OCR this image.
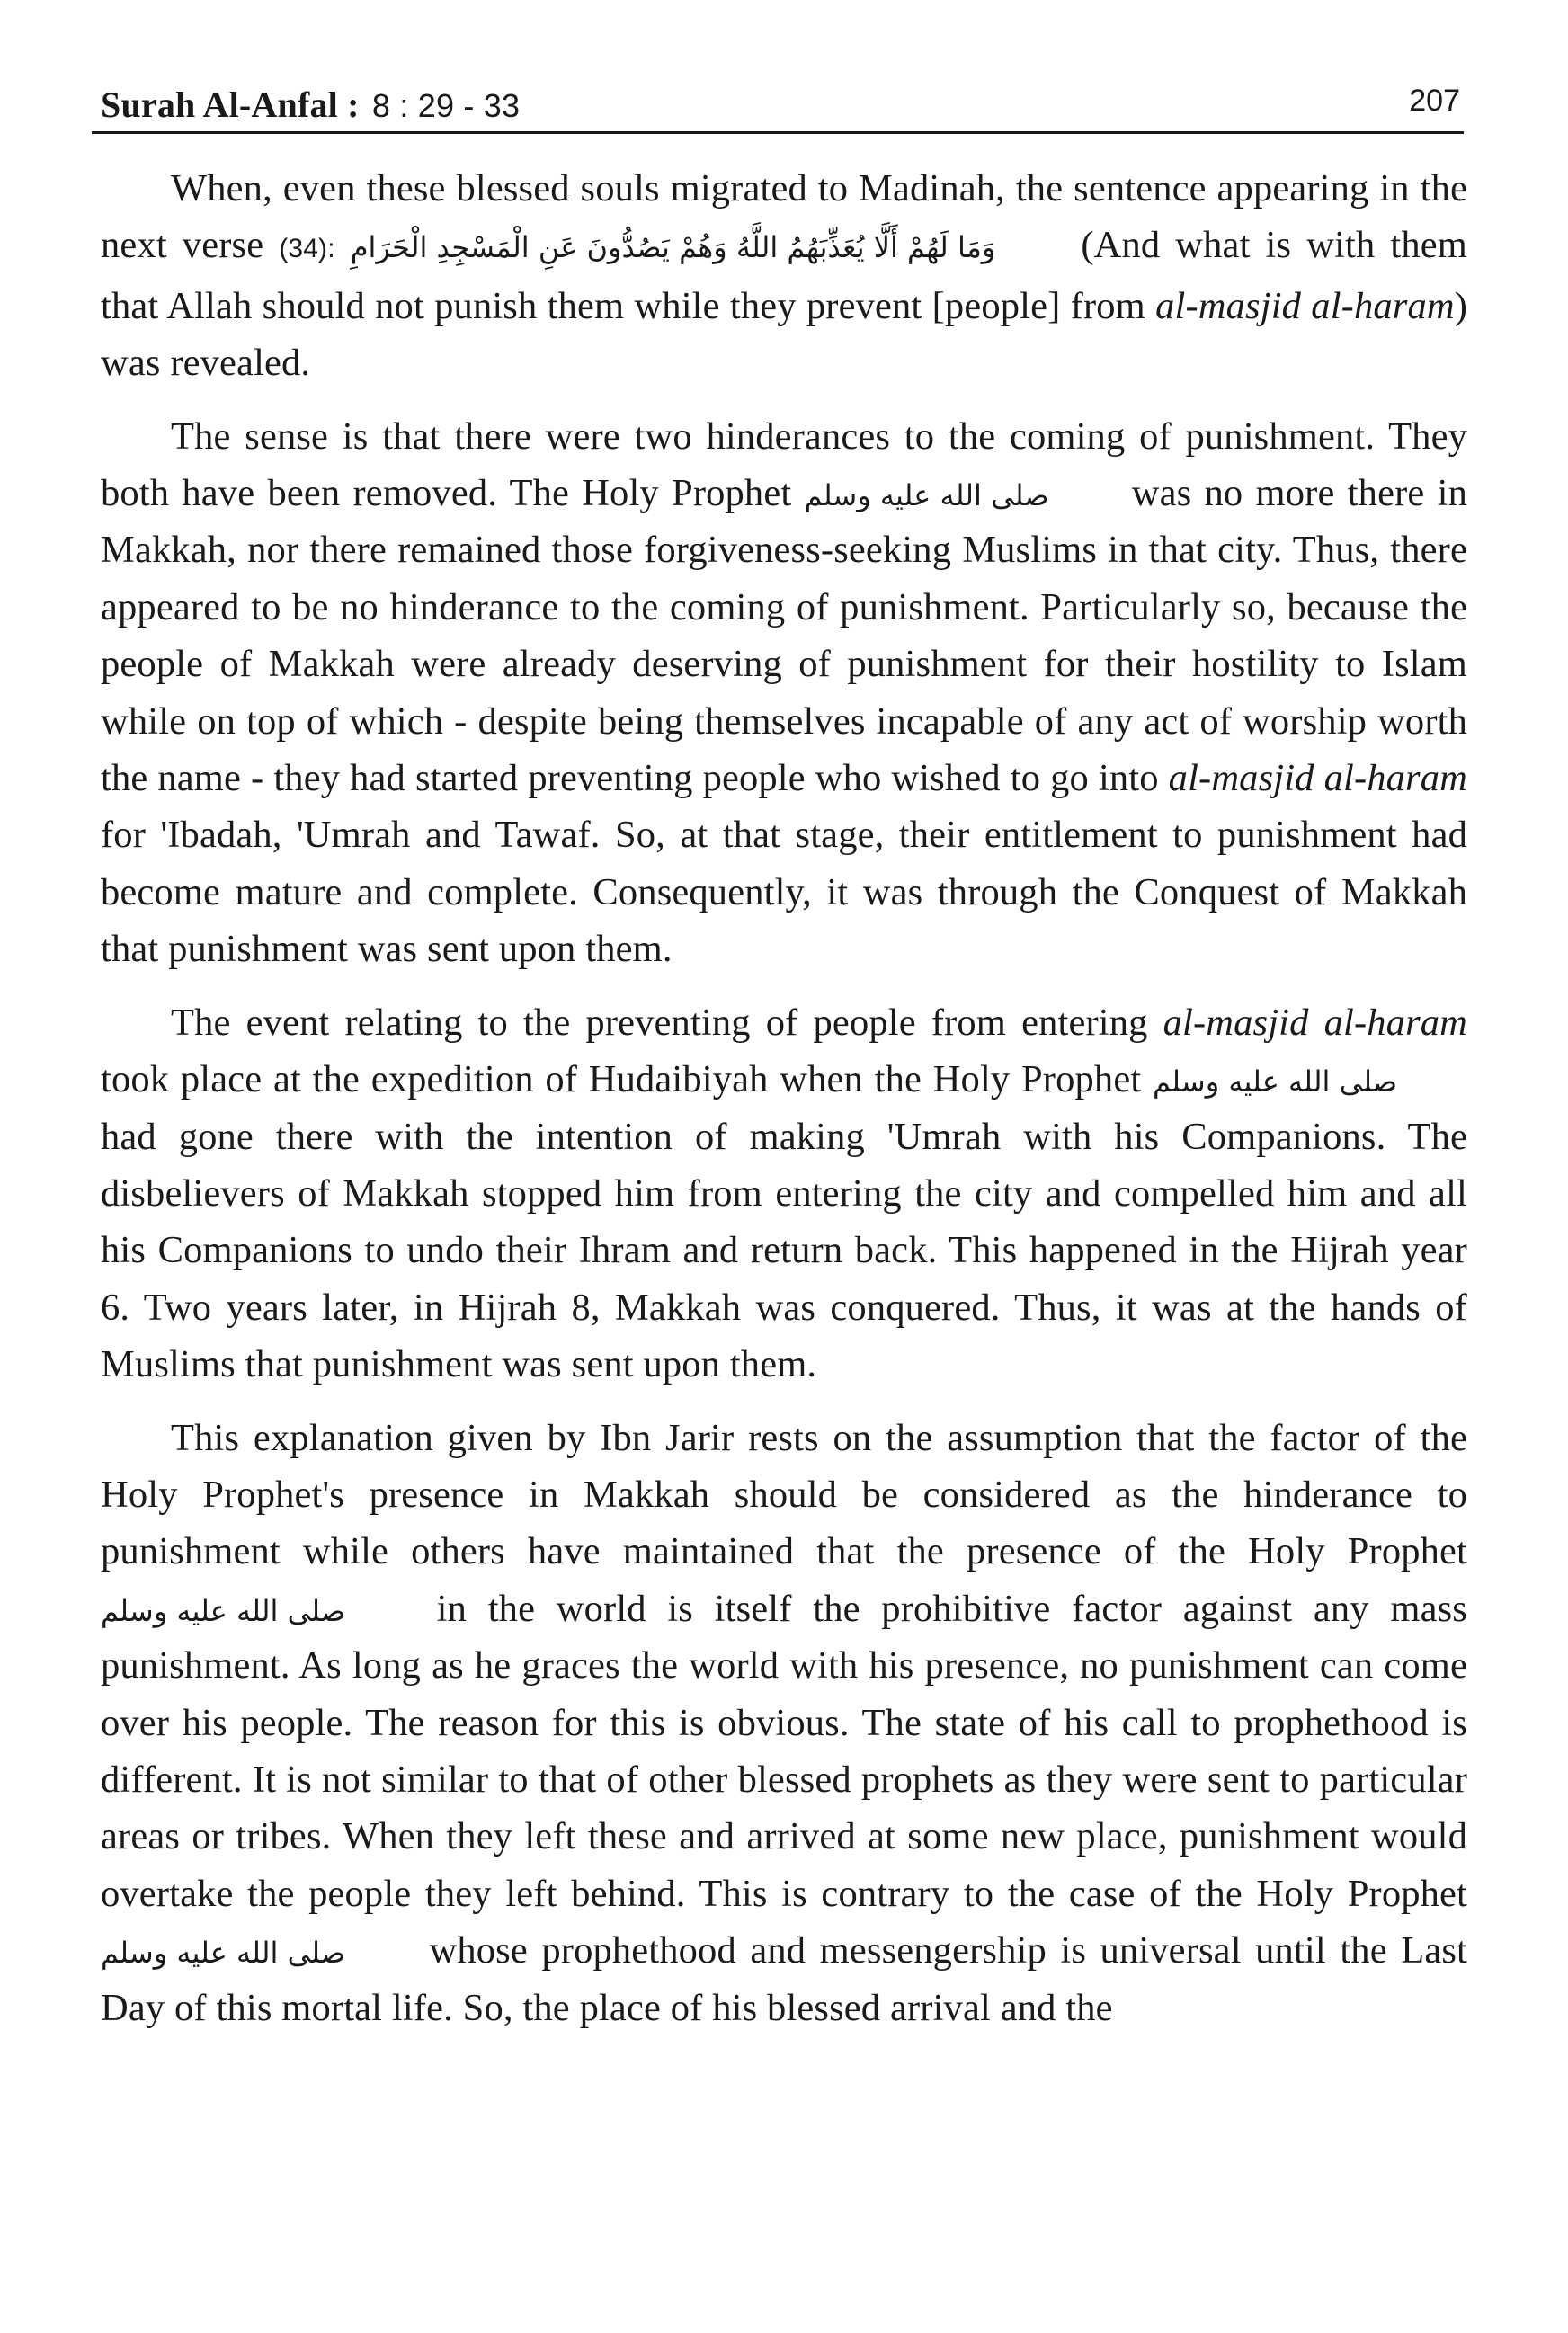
Surah Al-Anfal : 8 : 29 - 33	207

When, even these blessed souls migrated to Madinah, the sentence appearing in the next verse (34): وَمَا لَهُمْ أَلَّا يُعَذِّبَهُمُ اللَّهُ وَهُمْ يَصُدُّونَ عَنِ الْمَسْجِدِ الْحَرَامِ (And what is with them that Allah should not punish them while they prevent [people] from al-masjid al-haram) was revealed.

The sense is that there were two hinderances to the coming of punishment. They both have been removed. The Holy Prophet صلى الله عليه وسلم was no more there in Makkah, nor there remained those forgiveness-seeking Muslims in that city. Thus, there appeared to be no hinderance to the coming of punishment. Particularly so, because the people of Makkah were already deserving of punishment for their hostility to Islam while on top of which - despite being themselves incapable of any act of worship worth the name - they had started preventing people who wished to go into al-masjid al-haram for 'Ibadah, 'Umrah and Tawaf. So, at that stage, their entitlement to punishment had become mature and complete. Consequently, it was through the Conquest of Makkah that punishment was sent upon them.

The event relating to the preventing of people from entering al-masjid al-haram took place at the expedition of Hudaibiyah when the Holy Prophet صلى الله عليه وسلم had gone there with the intention of making 'Umrah with his Companions. The disbelievers of Makkah stopped him from entering the city and compelled him and all his Companions to undo their Ihram and return back. This happened in the Hijrah year 6. Two years later, in Hijrah 8, Makkah was conquered. Thus, it was at the hands of Muslims that punishment was sent upon them.

This explanation given by Ibn Jarir rests on the assumption that the factor of the Holy Prophet's presence in Makkah should be considered as the hinderance to punishment while others have maintained that the presence of the Holy Prophet صلى الله عليه وسلم in the world is itself the prohibitive factor against any mass punishment. As long as he graces the world with his presence, no punishment can come over his people. The reason for this is obvious. The state of his call to prophethood is different. It is not similar to that of other blessed prophets as they were sent to particular areas or tribes. When they left these and arrived at some new place, punishment would overtake the people they left behind. This is contrary to the case of the Holy Prophet صلى الله عليه وسلم whose prophethood and messengership is universal until the Last Day of this mortal life. So, the place of his blessed arrival and the
